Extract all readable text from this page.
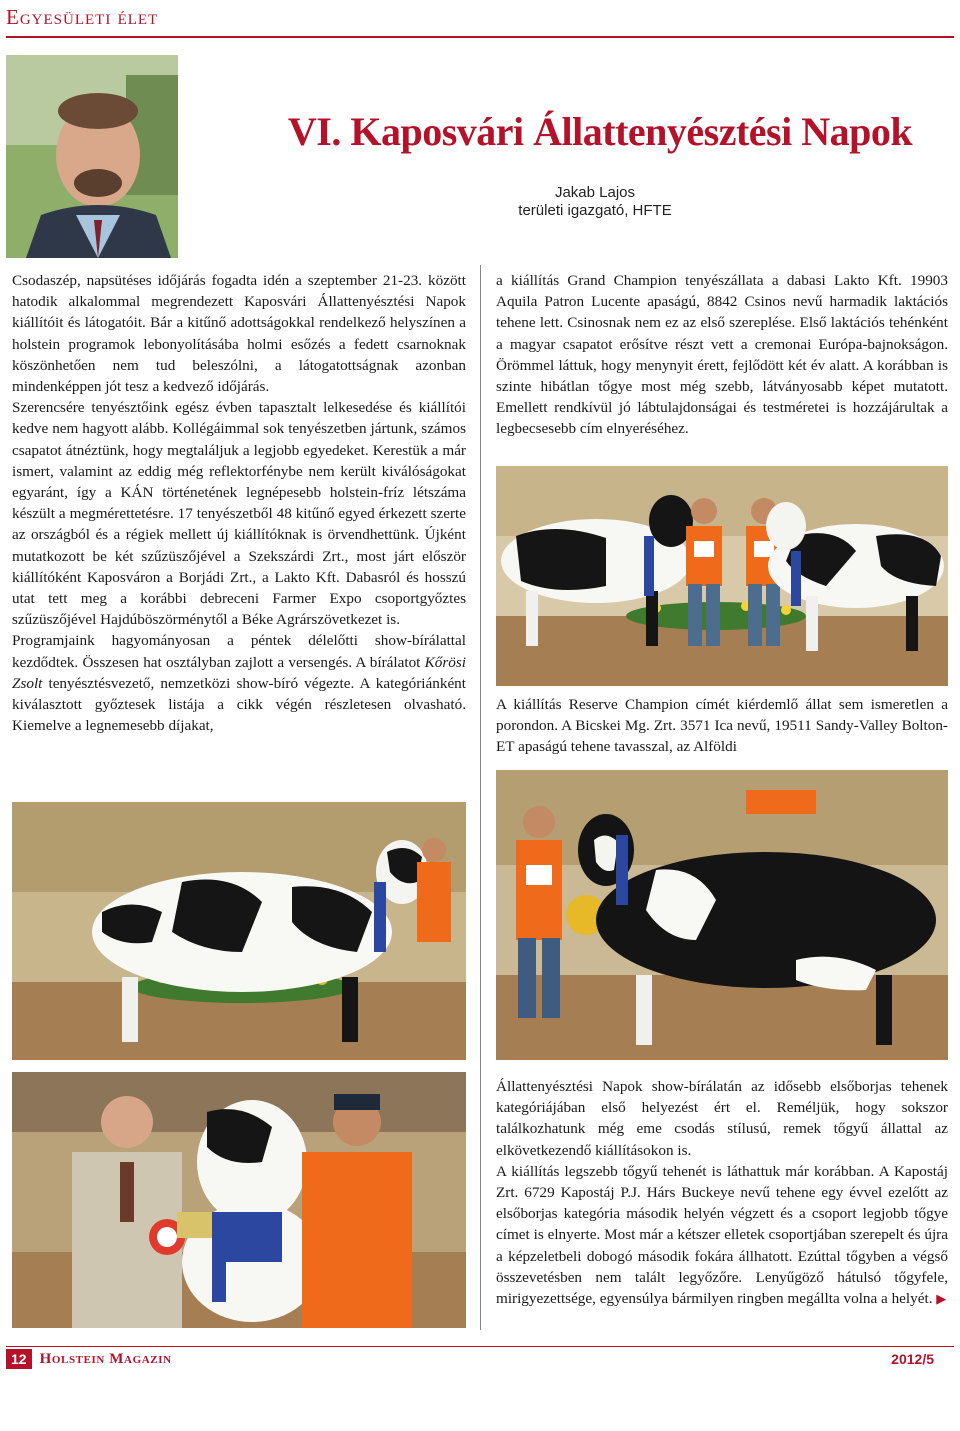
Egyesületi élet
VI. Kaposvári Állattenyésztési Napok
Jakab Lajos
területi igazgató, HFTE

Csodaszép, napsütéses időjárás fogadta idén a szeptember 21-23. között hatodik alkalommal megrendezett Kaposvári Állattenyésztési Napok kiállítóit és látogatóit. Bár a kitűnő adottságokkal rendelkező helyszínen a holstein programok lebonyolításába holmi esőzés a fedett csarnoknak köszönhetően nem tud beleszólni, a látogatottságnak azonban mindenképpen jót tesz a kedvező időjárás.

Szerencsére tenyésztőink egész évben tapasztalt lelkesedése és kiállítói kedve nem hagyott alább. Kollégáimmal sok tenyészetben jártunk, számos csapatot átnéztünk, hogy megtaláljuk a legjobb egyedeket. Kerestük a már ismert, valamint az eddig még reflektorfénybe nem került kiválóságokat egyaránt, így a KÁN történetének legnépesebb holstein-fríz létszáma készült a megmérettetésre. 17 tenyészetből 48 kitűnő egyed érkezett szerte az országból és a régiek mellett új kiállítóknak is örvendhettünk. Újként mutatkozott be két szűzüszőjével a Szekszárdi Zrt., most járt először kiállítóként Kaposváron a Borjádi Zrt., a Lakto Kft. Dabasról és hosszú utat tett meg a korábbi debreceni Farmer Expo csoportgyőztes szűzüszőjével Hajdúböszörménytől a Béke Agrárszövetkezet is.

Programjaink hagyományosan a péntek délelőtti show-bírálattal kezdődtek. Összesen hat osztályban zajlott a versengés. A bírálatot Kőrösi Zsolt tenyésztésvezető, nemzetközi show-bíró végezte. A kategóriánként kiválasztott győztesek listája a cikk végén részletesen olvasható. Kiemelve a legnemesebb díjakat,

a kiállítás Grand Champion tenyészállata a dabasi Lakto Kft. 19903 Aquila Patron Lucente apaságú, 8842 Csinos nevű harmadik laktációs tehene lett. Csinosnak nem ez az első szereplése. Első laktációs tehénként a magyar csapatot erősítve részt vett a cremonai Európa-bajnokságon. Örömmel láttuk, hogy menynyit érett, fejlődött két év alatt. A korábban is szinte hibátlan tőgye most még szebb, látványosabb képet mutatott. Emellett rendkívül jó lábtulajdonságai és testméretei is hozzájárultak a legbecsesebb cím elnyeréséhez.

A kiállítás Reserve Champion címét kiérdemlő állat sem ismeretlen a porondon. A Bicskei Mg. Zrt. 3571 Ica nevű, 19511 Sandy-Valley Bolton-ET apaságú tehene tavasszal, az Alföldi

Állattenyésztési Napok show-bírálatán az idősebb elsőborjas tehenek kategóriájában első helyezést ért el. Reméljük, hogy sokszor találkozhatunk még eme csodás stílusú, remek tőgyű állattal az elkövetkezendő kiállításokon is.

A kiállítás legszebb tőgyű tehenét is láthattuk már korábban. A Kapostáj Zrt. 6729 Kapostáj P.J. Hárs Buckeye nevű tehene egy évvel ezelőtt az elsőborjas kategória második helyén végzett és a csoport legjobb tőgye címet is elnyerte. Most már a kétszer elletek csoportjában szerepelt és újra a képzeletbeli dobogó második fokára állhatott. Ezúttal tőgyben a végső összevetésben nem talált legyőzőre. Lenyűgöző hátulsó tőgyfele, mirigyezettsége, egyensúlya bármilyen ringben megállta volna a helyét. ▶

12 Holstein Magazin	2012/5
